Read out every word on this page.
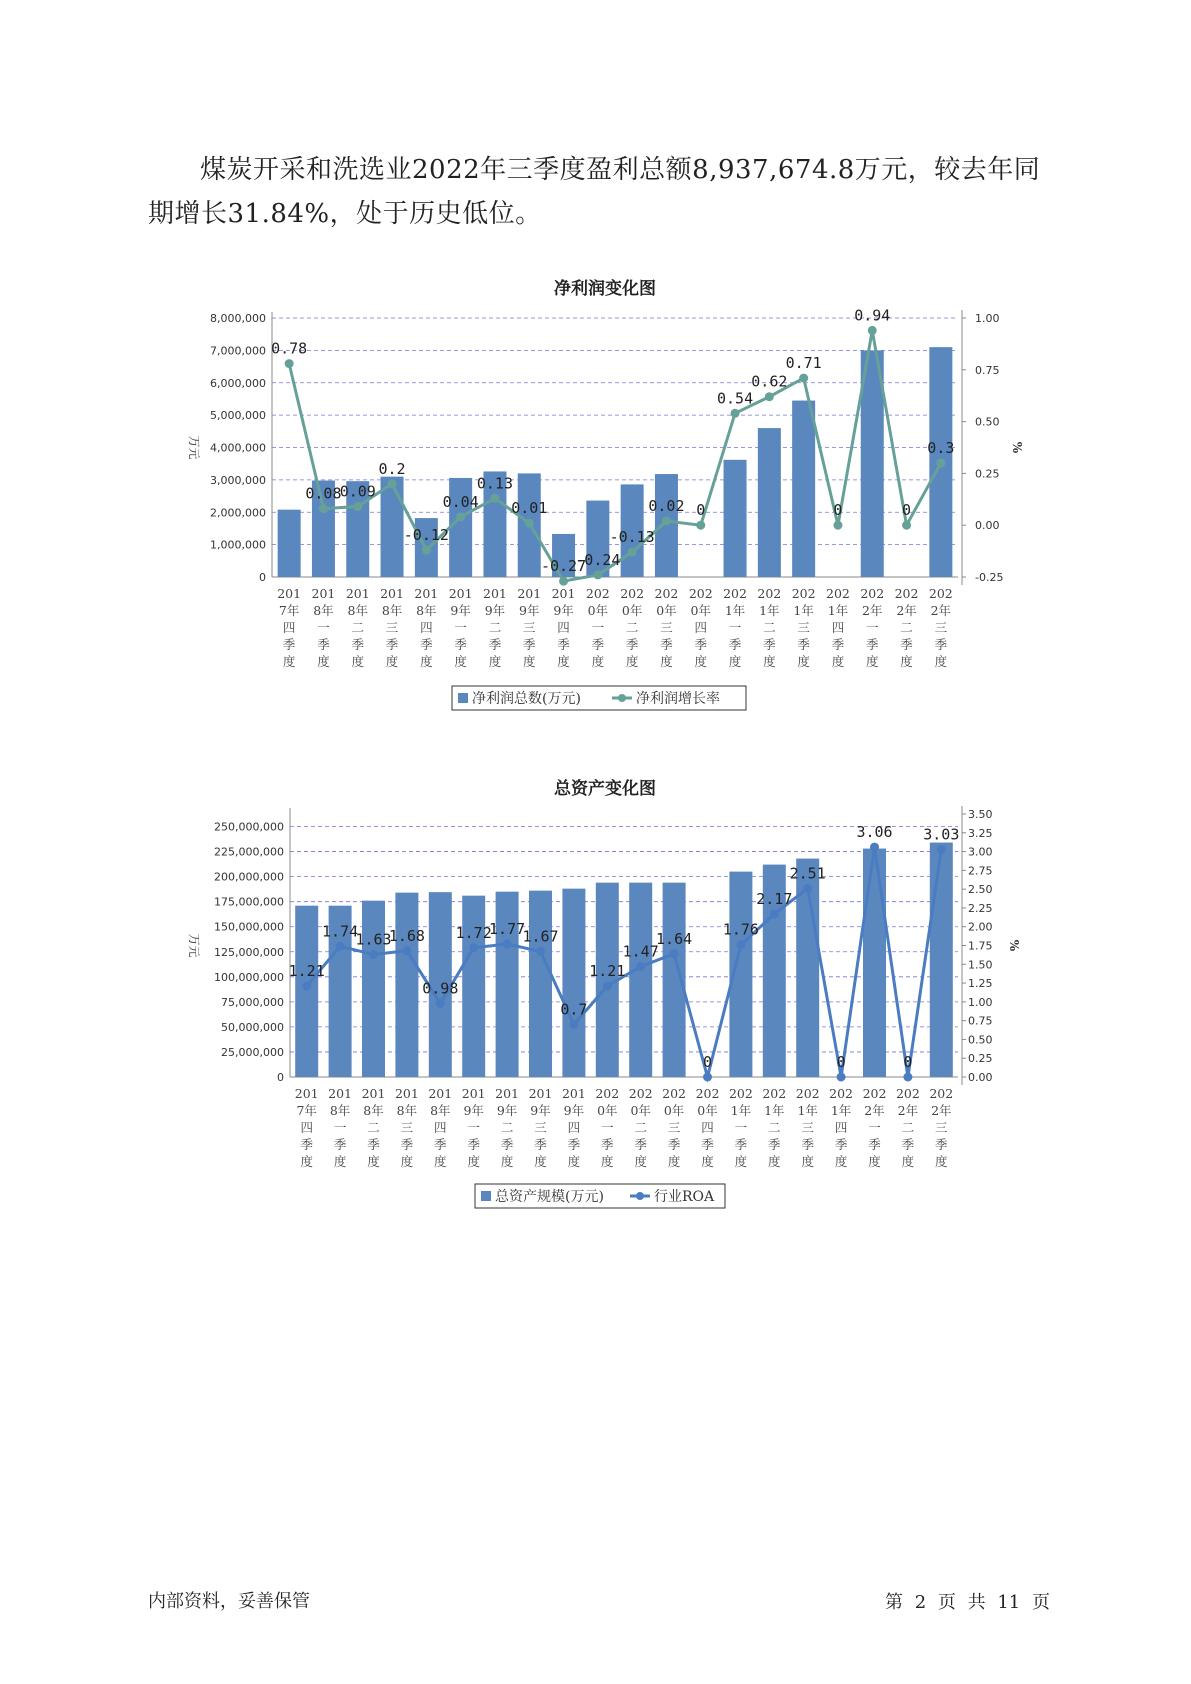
煤炭开采和洗选业2022年三季度盈利总额8,937,674.8万元，较去年同期增长31.84%，处于历史低位。
净利润变化图
总资产变化图
0
1,000,000
2,000,000
3,000,000
4,000,000
5,000,000
6,000,000
7,000,000
8,000,000
-0.25
0.00
0.25
0.50
0.75
1.00
万元	%
0.78
0.08
0.09
0.2
-0.12
0.04
0.13
0.01
-0.27
-0.24
-0.13
0.02 0
0.54
0.62
0.71
0
0.94
0
0.3
201 7年四季度
201 8年一季度
201 8年二季度
201 8年三季度
201 8年四季度
201 9年一季度
201 9年二季度
201 9年三季度
201 9年四季度
202 0年一季度
202 0年二季度
202 0年三季度
202 0年四季度
202 1年一季度
202 1年二季度
202 1年三季度
202 1年四季度
202 2年一季度
202 2年二季度
202 2年三季度
净利润总数(万元)	净利润增长率
0
25,000,000
50,000,000
75,000,000
100,000,000
125,000,000
150,000,000
175,000,000
200,000,000
225,000,000
250,000,000
0.00
0.25
0.50
0.75
1.00
1.25
1.50
1.75
2.00
2.25
2.50
2.75
3.00
3.25
3.50
万元	%
1.21
1.74
1.63
1.68
0.98
1.72
1.77
1.67
0.7
1.21
1.47
1.64
0
1.76
2.17
2.51
0
3.06
0
3.03
201 7年四季度
201 8年一季度
201 8年二季度
201 8年三季度
201 8年四季度
201 9年一季度
201 9年二季度
201 9年三季度
201 9年四季度
202 0年一季度
202 0年二季度
202 0年三季度
202 0年四季度
202 1年一季度
202 1年二季度
202 1年三季度
202 1年四季度
202 2年一季度
202 2年二季度
202 2年三季度
总资产规模(万元)	行业ROA
内部资料，妥善保管	第 2 页 共 11 页
